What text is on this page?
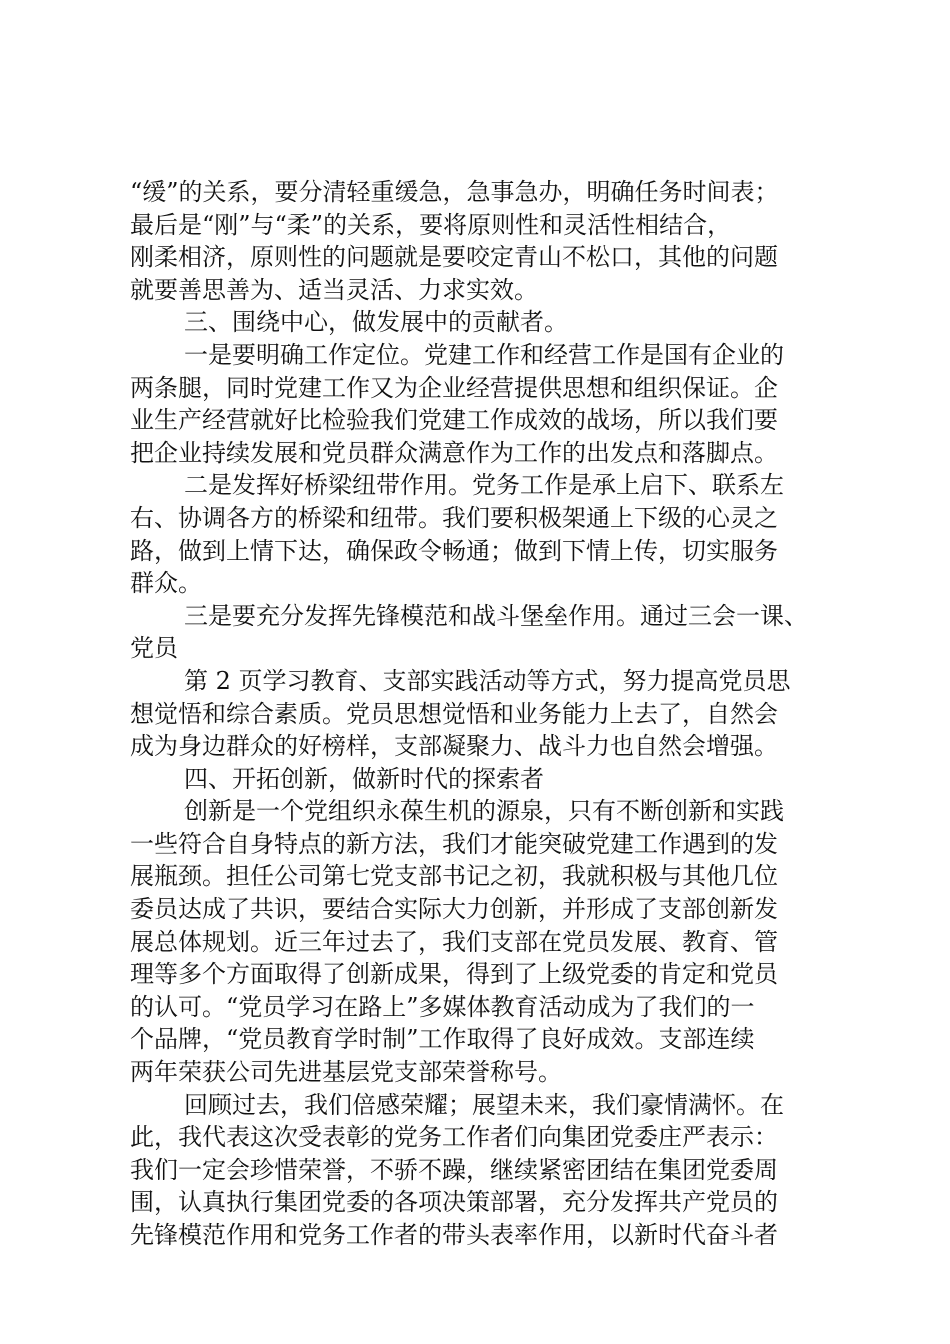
“缓”的关系，要分清轻重缓急，急事急办，明确任务时间表；
最后是“刚”与“柔”的关系，要将原则性和灵活性相结合，
刚柔相济，原则性的问题就是要咬定青山不松口，其他的问题
就要善思善为、适当灵活、力求实效。
三、围绕中心，做发展中的贡献者。
一是要明确工作定位。党建工作和经营工作是国有企业的
两条腿，同时党建工作又为企业经营提供思想和组织保证。企
业生产经营就好比检验我们党建工作成效的战场，所以我们要
把企业持续发展和党员群众满意作为工作的出发点和落脚点。
二是发挥好桥梁纽带作用。党务工作是承上启下、联系左
右、协调各方的桥梁和纽带。我们要积极架通上下级的心灵之
路，做到上情下达，确保政令畅通；做到下情上传，切实服务
群众。
三是要充分发挥先锋模范和战斗堡垒作用。通过三会一课、
党员
第 2 页学习教育、支部实践活动等方式，努力提高党员思
想觉悟和综合素质。党员思想觉悟和业务能力上去了，自然会
成为身边群众的好榜样，支部凝聚力、战斗力也自然会增强。
四、开拓创新，做新时代的探索者
创新是一个党组织永葆生机的源泉，只有不断创新和实践
一些符合自身特点的新方法，我们才能突破党建工作遇到的发
展瓶颈。担任公司第七党支部书记之初，我就积极与其他几位
委员达成了共识，要结合实际大力创新，并形成了支部创新发
展总体规划。近三年过去了，我们支部在党员发展、教育、管
理等多个方面取得了创新成果，得到了上级党委的肯定和党员
的认可。“党员学习在路上”多媒体教育活动成为了我们的一
个品牌，“党员教育学时制”工作取得了良好成效。支部连续
两年荣获公司先进基层党支部荣誉称号。
回顾过去，我们倍感荣耀；展望未来，我们豪情满怀。在
此，我代表这次受表彰的党务工作者们向集团党委庄严表示：
我们一定会珍惜荣誉，不骄不躁，继续紧密团结在集团党委周
围，认真执行集团党委的各项决策部署，充分发挥共产党员的
先锋模范作用和党务工作者的带头表率作用，以新时代奋斗者
